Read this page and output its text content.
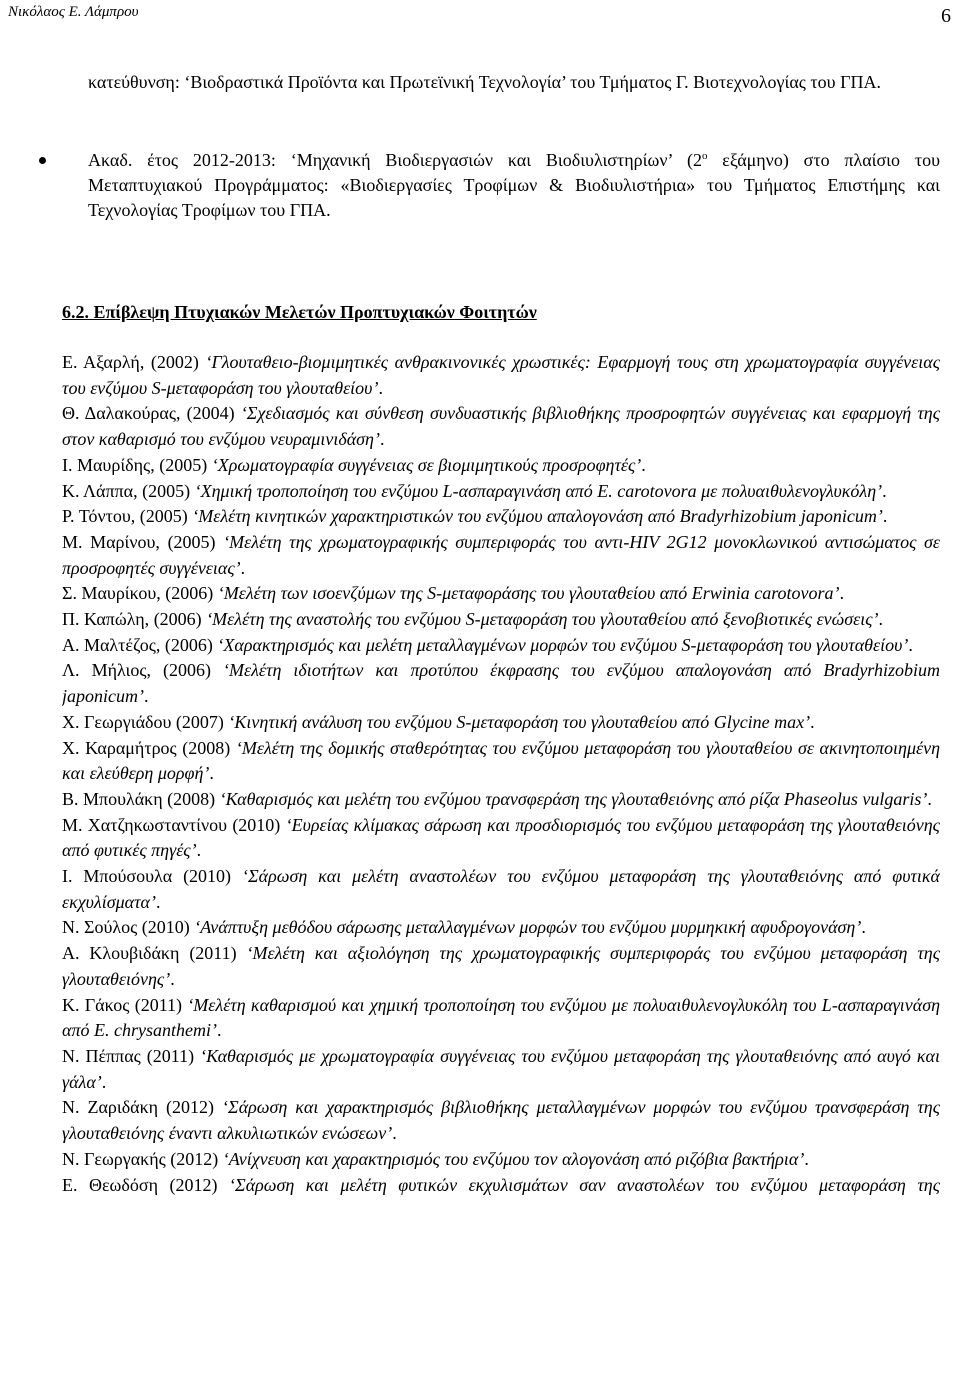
Νικόλαος Ε. Λάμπρου	6

κατεύθυνση: ‘Βιοδραστικά Προϊόντα και Πρωτεϊνική Τεχνολογία’ του Τμήματος Γ. Βιοτεχνολογίας του ΓΠΑ.

Ακαδ. έτος 2012-2013: ‘Μηχανική Βιοδιεργασιών και Βιοδιυλιστηρίων’ ($2^o$ εξάμηνο) στο πλαίσιο του Μεταπτυχιακού Προγράμματος: «Βιοδιεργασίες Τροφίμων & Βιοδιυλιστήρια» του Τμήματος Επιστήμης και Τεχνολογίας Τροφίμων του ΓΠΑ.

6.2. Επίβλεψη Πτυχιακών Μελετών Προπτυχιακών Φοιτητών

Ε. Αξαρλή, (2002) ‘Γλουταθειο-βιομιμητικές ανθρακινονικές χρωστικές: Εφαρμογή τους στη χρωματογραφία συγγένειας του ενζύμου S-μεταφοράση του γλουταθείου’.

Θ. Δαλακούρας, (2004) ‘Σχεδιασμός και σύνθεση συνδυαστικής βιβλιοθήκης προσροφητών συγγένειας και εφαρμογή της στον καθαρισμό του ενζύμου νευραμινιδάση’.

Ι. Μαυρίδης, (2005) ‘Χρωματογραφία συγγένειας σε βιομιμητικούς προσροφητές’.

Κ. Λάππα, (2005) ‘Χημική τροποποίηση του ενζύμου L-ασπαραγινάση από E. carotovora με πολυαιθυλενογλυκόλη’.

Ρ. Τόντου, (2005) ‘Μελέτη κινητικών χαρακτηριστικών του ενζύμου απαλογονάση από Bradyrhizobium japonicum’.

Μ. Μαρίνου, (2005) ‘Μελέτη της χρωματογραφικής συμπεριφοράς του αντι-HIV 2G12 μονοκλωνικού αντισώματος σε προσροφητές συγγένειας’.

Σ. Μαυρίκου, (2006) ‘Μελέτη των ισοενζύμων της S-μεταφοράσης του γλουταθείου από Erwinia carotovora’.

Π. Καπώλη, (2006) ‘Μελέτη της αναστολής του ενζύμου S-μεταφοράση του γλουταθείου από ξενοβιοτικές ενώσεις’.

Α. Μαλτέζος, (2006) ‘Χαρακτηρισμός και μελέτη μεταλλαγμένων μορφών του ενζύμου S-μεταφοράση του γλουταθείου’.

Λ. Μήλιος, (2006) ‘Μελέτη ιδιοτήτων και προτύπου έκφρασης του ενζύμου απαλογονάση από Bradyrhizobium japonicum’.

Χ. Γεωργιάδου (2007) ‘Κινητική ανάλυση του ενζύμου S-μεταφοράση του γλουταθείου από Glycine max’.

Χ. Καραμήτρος (2008) ‘Μελέτη της δομικής σταθερότητας του ενζύμου μεταφοράση του γλουταθείου σε ακινητοποιημένη και ελεύθερη μορφή’.

Β. Μπουλάκη (2008) ‘Καθαρισμός και μελέτη του ενζύμου τρανσφεράση της γλουταθειόνης από ρίζα Phaseolus vulgaris’.

Μ. Χατζηκωσταντίνου (2010) ‘Ευρείας κλίμακας σάρωση και προσδιορισμός του ενζύμου μεταφοράση της γλουταθειόνης από φυτικές πηγές’.

Ι. Μπούσουλα (2010) ‘Σάρωση και μελέτη αναστολέων του ενζύμου μεταφοράση της γλουταθειόνης από φυτικά εκχυλίσματα’.

Ν. Σούλος (2010) ‘Ανάπτυξη μεθόδου σάρωσης μεταλλαγμένων μορφών του ενζύμου μυρμηκική αφυδρογονάση’.

Α. Κλουβιδάκη (2011) ‘Μελέτη και αξιολόγηση της χρωματογραφικής συμπεριφοράς του ενζύμου μεταφοράση της γλουταθειόνης’.

Κ. Γάκος (2011) ‘Μελέτη καθαρισμού και χημική τροποποίηση του ενζύμου με πολυαιθυλενογλυκόλη του L-ασπαραγινάση από E. chrysanthemi’.

Ν. Πέππας (2011) ‘Καθαρισμός με χρωματογραφία συγγένειας του ενζύμου μεταφοράση της γλουταθειόνης από αυγό και γάλα’.

Ν. Ζαριδάκη (2012) ‘Σάρωση και χαρακτηρισμός βιβλιοθήκης μεταλλαγμένων μορφών του ενζύμου τρανσφεράση της γλουταθειόνης έναντι αλκυλιωτικών ενώσεων’.

Ν. Γεωργακής (2012) ‘Ανίχνευση και χαρακτηρισμός του ενζύμου τον αλογονάση από ριζόβια βακτήρια’.

Ε. Θεωδόση (2012) ‘Σάρωση και μελέτη φυτικών εκχυλισμάτων σαν αναστολέων του ενζύμου μεταφοράση της
